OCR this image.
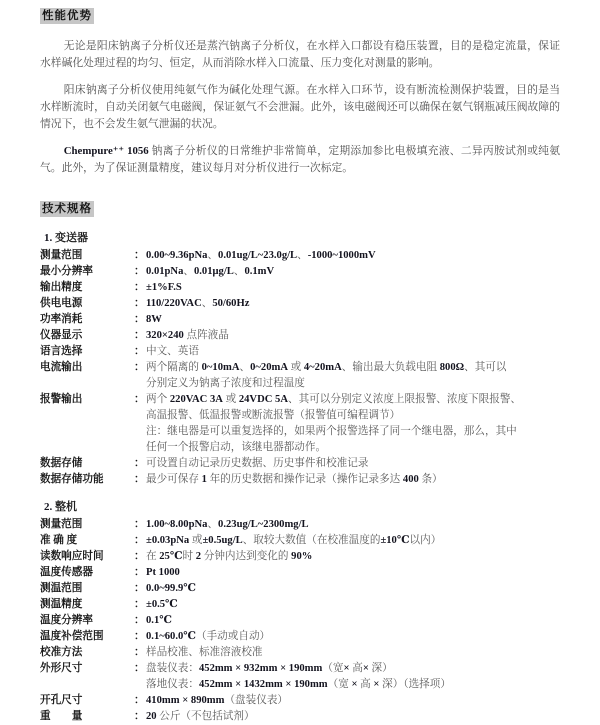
性能优势

无论是阳床钠离子分析仪还是蒸汽钠离子分析仪，在水样入口都设有稳压装置，目的是稳定流量，保证水样碱化处理过程的均匀、恒定，从而消除水样入口流量、压力变化对测量的影响。

阳床钠离子分析仪使用纯氨气作为碱化处理气源。在水样入口环节，设有断流检测保护装置，目的是当水样断流时，自动关闭氨气电磁阀，保证氨气不会泄漏。此外，该电磁阀还可以确保在氨气钢瓶减压阀故障的情况下，也不会发生氨气泄漏的状况。

Chempure⁺⁺ 1056 钠离子分析仪的日常维护非常简单，定期添加参比电极填充液、二异丙胺试剂或纯氨气。此外，为了保证测量精度，建议每月对分析仪进行一次标定。

技术规格
1. 变送器
测量范围	： 0.00~9.36pNa、0.01ug/L~23.0g/L、-1000~1000mV
最小分辨率	： 0.01pNa、0.01μg/L、0.1mV
输出精度	： ±1%F.S
供电电源	： 110/220VAC、50/60Hz
功率消耗	： 8W
仪器显示	： 320×240 点阵液晶
语言选择	： 中文、英语
电流输出	： 两个隔离的 0~10mA、0~20mA 或 4~20mA、输出最大负载电阻 800Ω、其可以
分别定义为钠离子浓度和过程温度
报警输出	： 两个 220VAC 3A 或 24VDC 5A、其可以分别定义浓度上限报警、浓度下限报警、
高温报警、低温报警或断流报警（报警值可编程调节）
注：继电器是可以重复选择的，如果两个报警选择了同一个继电器，那么，其中
任何一个报警启动，该继电器都动作。
数据存储	： 可设置自动记录历史数据、历史事件和校准记录
数据存储功能	： 最少可保存 1 年的历史数据和操作记录（操作记录多达 400 条）
2. 整机
测量范围	： 1.00~8.00pNa、0.23ug/L~2300mg/L
准 确 度	： ±0.03pNa 或±0.5ug/L、取较大数值（在校准温度的±10℃以内）
读数响应时间	： 在 25℃时 2 分钟内达到变化的 90%
温度传感器	： Pt 1000
测温范围	： 0.0~99.9℃
测温精度	： ±0.5℃
温度分辨率	： 0.1℃
温度补偿范围	： 0.1~60.0℃（手动或自动）
校准方法	： 样品校准、标准溶液校准
外形尺寸	： 盘装仪表：452mm × 932mm × 190mm（宽× 高× 深）
落地仪表：452mm × 1432mm × 190mm（宽 × 高 × 深）（选择项）
开孔尺寸	： 410mm × 890mm（盘装仪表）
重　　量	： 20 公斤（不包括试剂）
